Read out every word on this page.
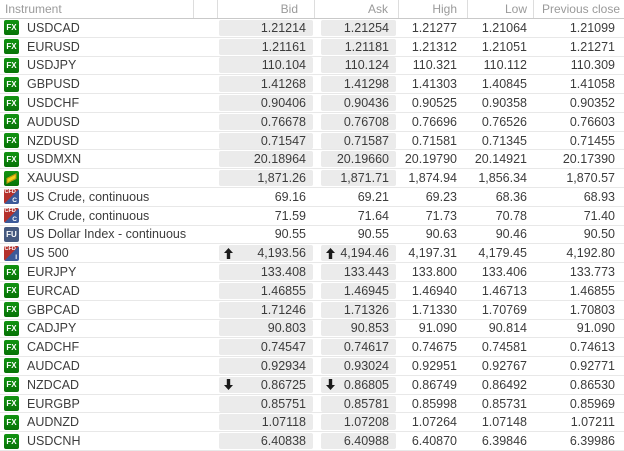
Instrument	Bid	Ask	High	Low	Previous close
FX USDCAD	1.21214	1.21254	1.21277	1.21064	1.21099
FX EURUSD	1.21161	1.21181	1.21312	1.21051	1.21271
FX USDJPY	110.104	110.124	110.321	110.112	110.309
FX GBPUSD	1.41268	1.41298	1.41303	1.40845	1.41058
FX USDCHF	0.90406	0.90436	0.90525	0.90358	0.90352
FX AUDUSD	0.76678	0.76708	0.76696	0.76526	0.76603
FX NZDUSD	0.71547	0.71587	0.71581	0.71345	0.71455
FX USDMXN	20.18964	20.19660	20.19790	20.14921	20.17390
XAUUSD	1,871.26	1,871.71	1,874.94	1,856.34	1,870.57
CFD
C US Crude, continuous	69.16	69.21	69.23	68.36	68.93
CFD
C UK Crude, continuous	71.59	71.64	71.73	70.78	71.40
FU US Dollar Index - continuous	90.55	90.55	90.63	90.46	90.50
CFD
I US 500	4,193.56	4,194.46	4,197.31	4,179.45	4,192.80
FX EURJPY	133.408	133.443	133.800	133.406	133.773
FX EURCAD	1.46855	1.46945	1.46940	1.46713	1.46855
FX GBPCAD	1.71246	1.71326	1.71330	1.70769	1.70803
FX CADJPY	90.803	90.853	91.090	90.814	91.090
FX CADCHF	0.74547	0.74617	0.74675	0.74581	0.74613
FX AUDCAD	0.92934	0.93024	0.92951	0.92767	0.92771
FX NZDCAD	0.86725	0.86805	0.86749	0.86492	0.86530
FX EURGBP	0.85751	0.85781	0.85998	0.85731	0.85969
FX AUDNZD	1.07118	1.07208	1.07264	1.07148	1.07211
FX USDCNH	6.40838	6.40988	6.40870	6.39846	6.39986
